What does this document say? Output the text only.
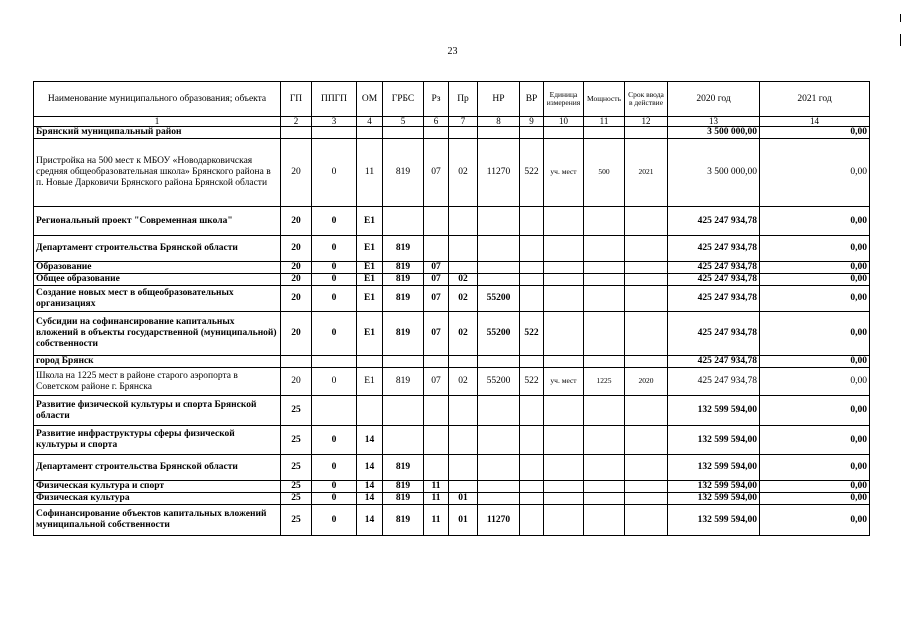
23
Наименование муниципального образования; объекта	ГП	ППГП	ОМ	ГРБС	Рз	Пр	НР	ВР	Единица измерения	Мощность	Срок ввода в действие	2020 год	2021 год
1	2	3	4	5	6	7	8	9	10	11	12	13	14
Брянский муниципальный район												3 500 000,00	0,00
Пристройка на 500 мест к МБОУ «Новодарковичская средняя общеобразовательная школа» Брянского района в п. Новые Дарковичи Брянского района Брянской области	20	0	11	819	07	02	11270	522	уч. мест	500	2021	3 500 000,00	0,00
Региональный проект "Современная школа"	20	0	E1									425 247 934,78	0,00
Департамент строительства Брянской области	20	0	E1	819								425 247 934,78	0,00
Образование	20	0	E1	819	07							425 247 934,78	0,00
Общее образование	20	0	E1	819	07	02						425 247 934,78	0,00
Создание новых мест в общеобразовательных организациях	20	0	E1	819	07	02	55200					425 247 934,78	0,00
Субсидии на софинансирование капитальных вложений в объекты государственной (муниципальной) собственности	20	0	E1	819	07	02	55200	522				425 247 934,78	0,00
город Брянск												425 247 934,78	0,00
Школа на 1225 мест в районе старого аэропорта в Советском районе г. Брянска	20	0	E1	819	07	02	55200	522	уч. мест	1225	2020	425 247 934,78	0,00
Развитие физической культуры и спорта Брянской области	25											132 599 594,00	0,00
Развитие инфраструктуры сферы физической культуры и спорта	25	0	14									132 599 594,00	0,00
Департамент строительства Брянской области	25	0	14	819								132 599 594,00	0,00
Физическая культура и спорт	25	0	14	819	11							132 599 594,00	0,00
Физическая культура	25	0	14	819	11	01						132 599 594,00	0,00
Софинансирование объектов капитальных вложений муниципальной собственности	25	0	14	819	11	01	11270					132 599 594,00	0,00
